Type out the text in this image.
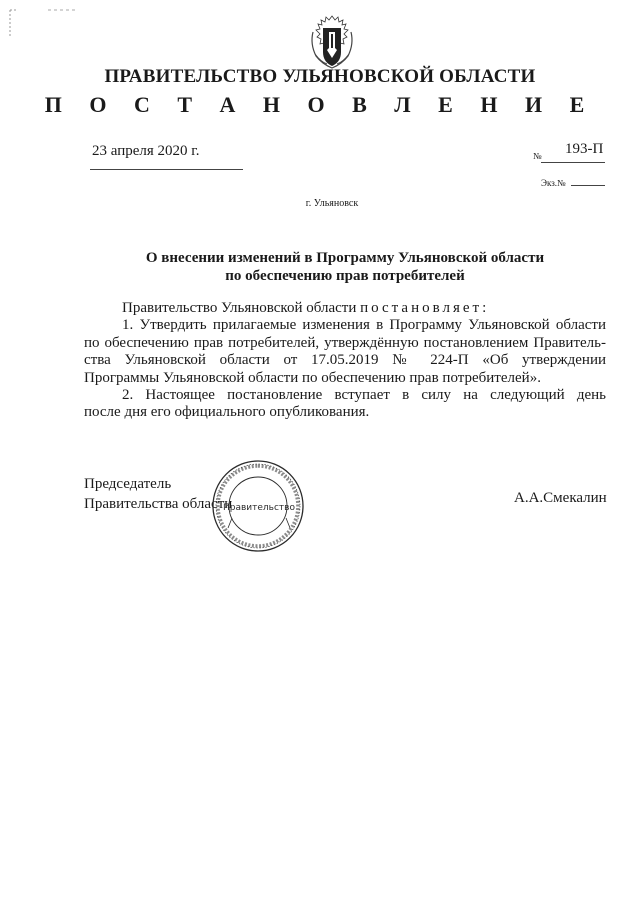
ПРАВИТЕЛЬСТВО УЛЬЯНОВСКОЙ ОБЛАСТИ
П О С Т А Н О В Л Е Н И Е
23 апреля 2020 г.	№ 193-П
Экз.№
г. Ульяновск
О внесении изменений в Программу Ульяновской области
по обеспечению прав потребителей

Правительство Ульяновской области постановляет:

1. Утвердить прилагаемые изменения в Программу Ульяновской области

по обеспечению прав потребителей, утверждённую постановлением Правитель-

ства Ульяновской области от 17.05.2019 № 224-П «Об утверждении

Программы Ульяновской области по обеспечению прав потребителей».

2. Настоящее постановление вступает в силу на следующий день

после дня его официального опубликования.

Председатель
Правительства области	А.А.Смекалин
Правительство
